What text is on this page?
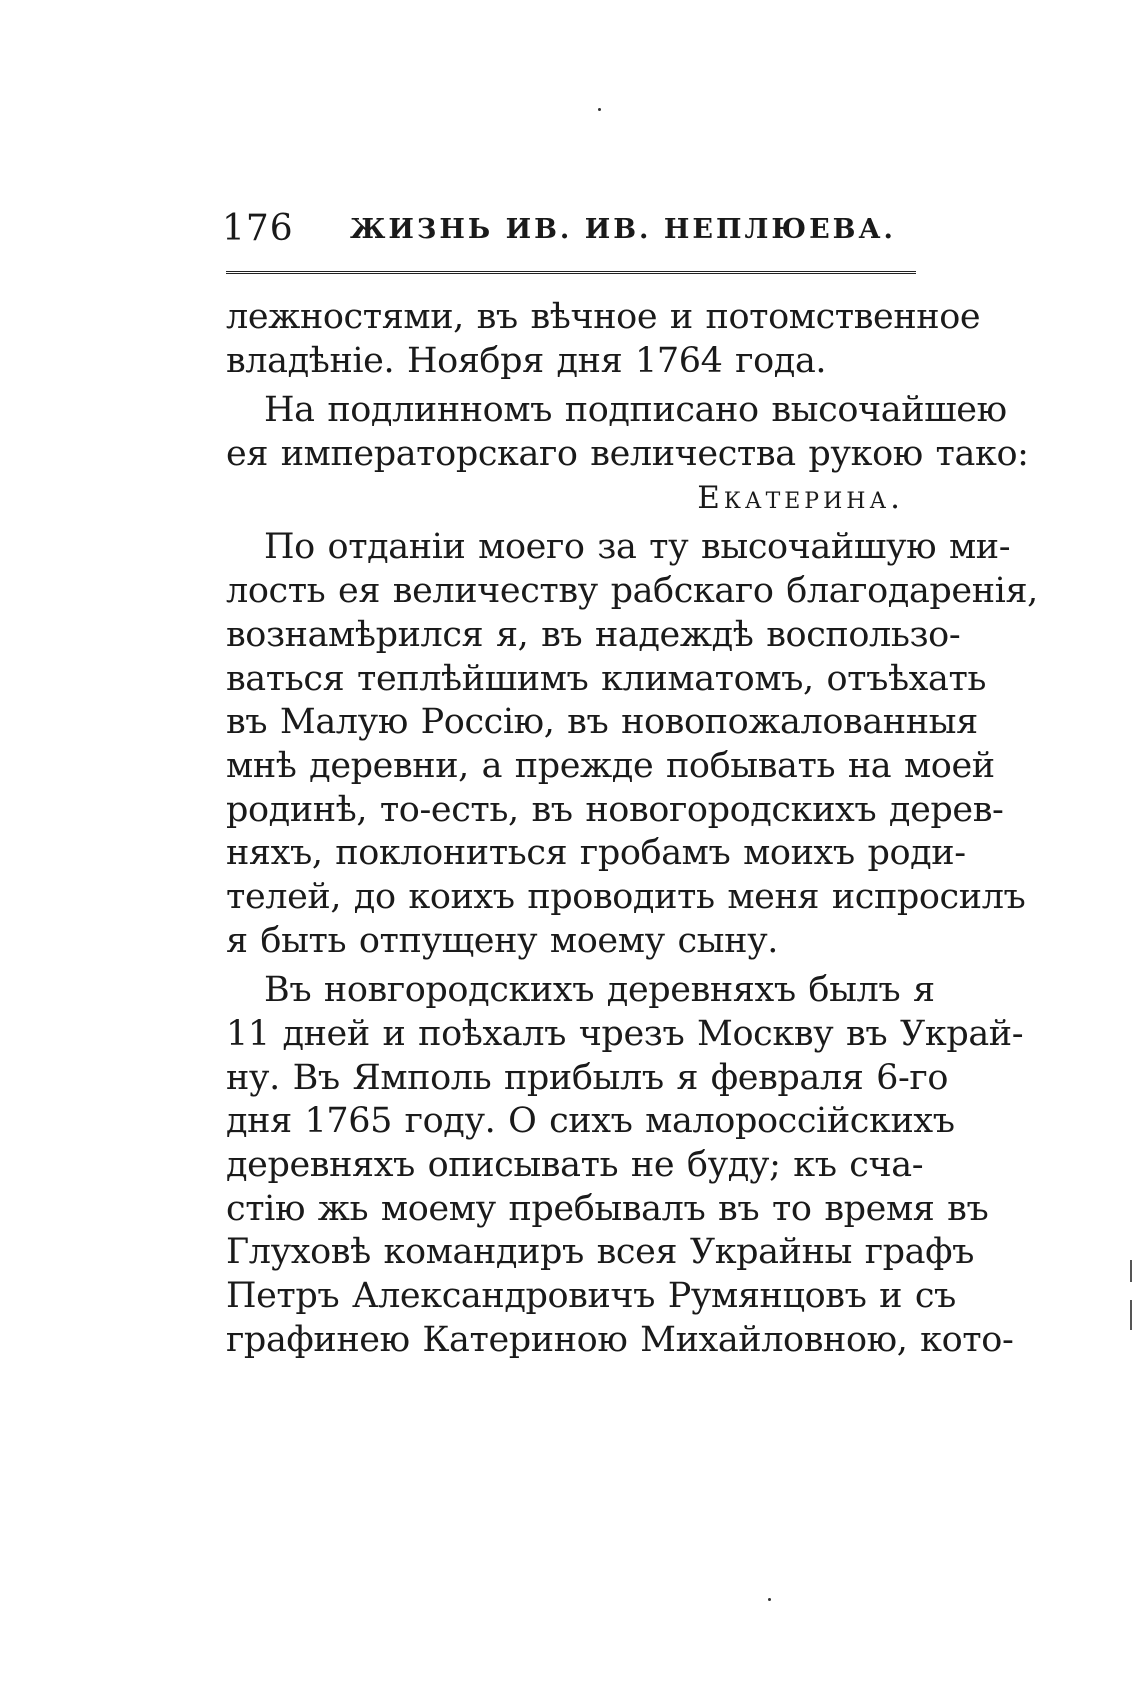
176 ЖИЗНЬ ИВ. ИВ. НЕПЛЮЕВА.
лежностями, въ вѣчное и потомственное
владѣніе. Ноября дня 1764 года.
На подлинномъ подписано высочайшею
ея императорскаго величества рукою тако:
Екатерина.
По отданіи моего за ту высочайшую ми-
лость ея величеству рабскаго благодаренія,
вознамѣрился я, въ надеждѣ воспользо-
ваться теплѣйшимъ климатомъ, отъѣхать
въ Малую Россію, въ новопожалованныя
мнѣ деревни, а прежде побывать на моей
родинѣ, то-есть, въ новогородскихъ дерев-
няхъ, поклониться гробамъ моихъ роди-
телей, до коихъ проводить меня испросилъ
я быть отпущену моему сыну.
Въ новгородскихъ деревняхъ былъ я
11 дней и поѣхалъ чрезъ Москву въ Украй-
ну. Въ Ямполь прибылъ я февраля 6-го
дня 1765 году. О сихъ малороссійскихъ
деревняхъ описывать не буду; къ сча-
стію жь моему пребывалъ въ то время въ
Глуховѣ командиръ всея Украйны графъ
Петръ Александровичъ Румянцовъ и съ
графинею Катериною Михайловною, кото-
